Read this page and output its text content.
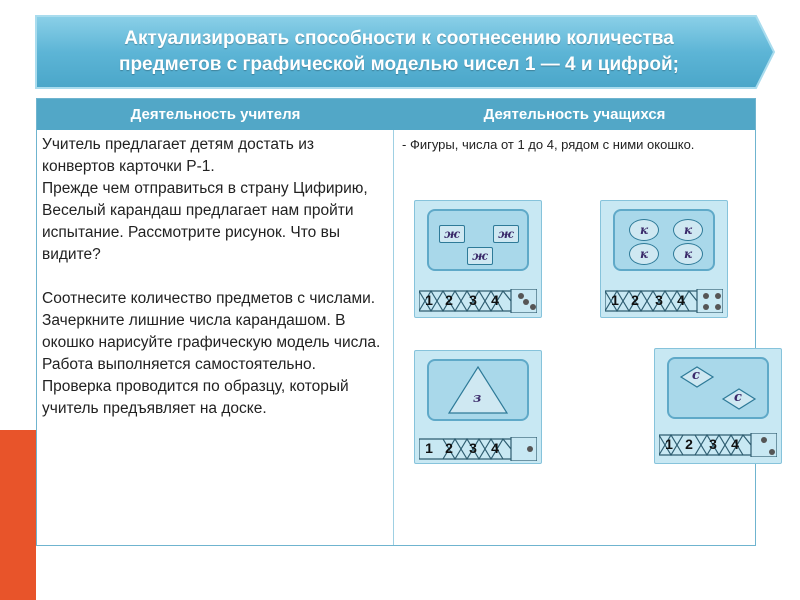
Актуализировать способности к соотнесению количества
предметов с графической моделью чисел 1 — 4 и цифрой;
Деятельность учителя	Деятельность учащихся
Учитель предлагает детям достать из конвертов карточки Р-1.
Прежде чем отправиться в страну Цифирию, Веселый карандаш предлагает нам пройти испытание. Рассмотрите рисунок. Что вы видите?

Соотнесите количество предметов с числами. Зачеркните лишние числа карандашом. В окошко нарисуйте графическую модель числа.
Работа выполняется самостоятельно. Проверка проводится по образцу, который учитель предъявляет на доске.
- Фигуры, числа от 1 до 4, рядом с ними окошко.
ж	ж
ж
1 2 3 4
к	к
к	к
1 2 3 4
з
1 2 3 4
с
с
1 2 3 4
